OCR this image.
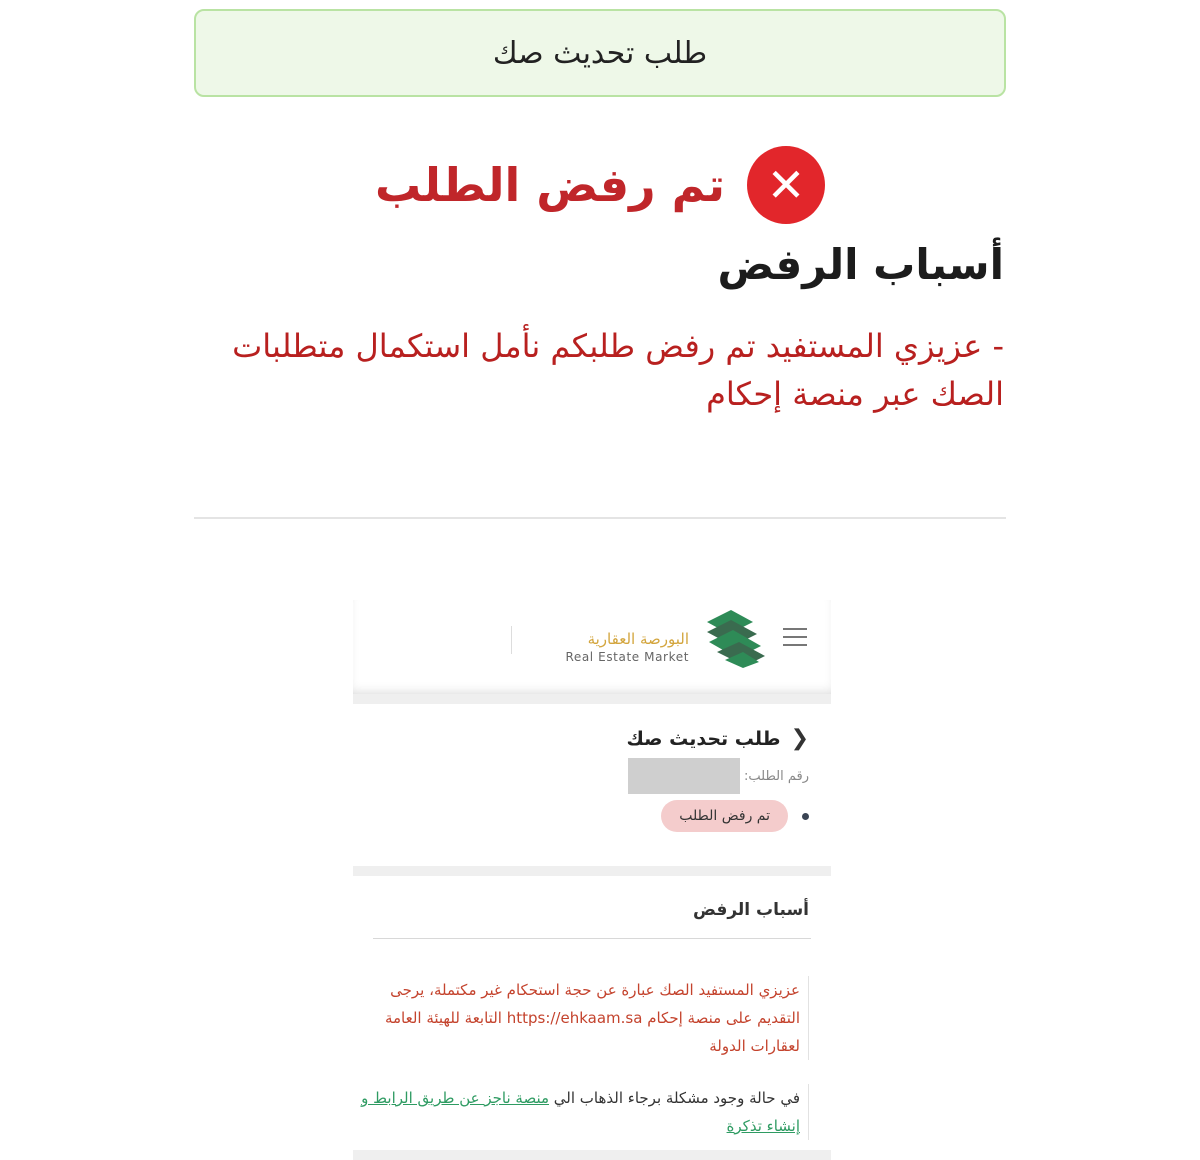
طلب تحديث صك
✕
تم رفض الطلب
أسباب الرفض
- عزيزي المستفيد تم رفض طلبكم نأمل استكمال متطلبات الصك عبر منصة إحكام
البورصة العقارية
Real Estate Market
❯
طلب تحديث صك
رقم الطلب:
تم رفض الطلب
أسباب الرفض
عزيزي المستفيد الصك عبارة عن حجة استحكام غير مكتملة، يرجى التقديم على منصة إحكام https://ehkaam.sa التابعة للهيئة العامة لعقارات الدولة
في حالة وجود مشكلة برجاء الذهاب الي منصة ناجز عن طريق الرابط و إنشاء تذكرة
